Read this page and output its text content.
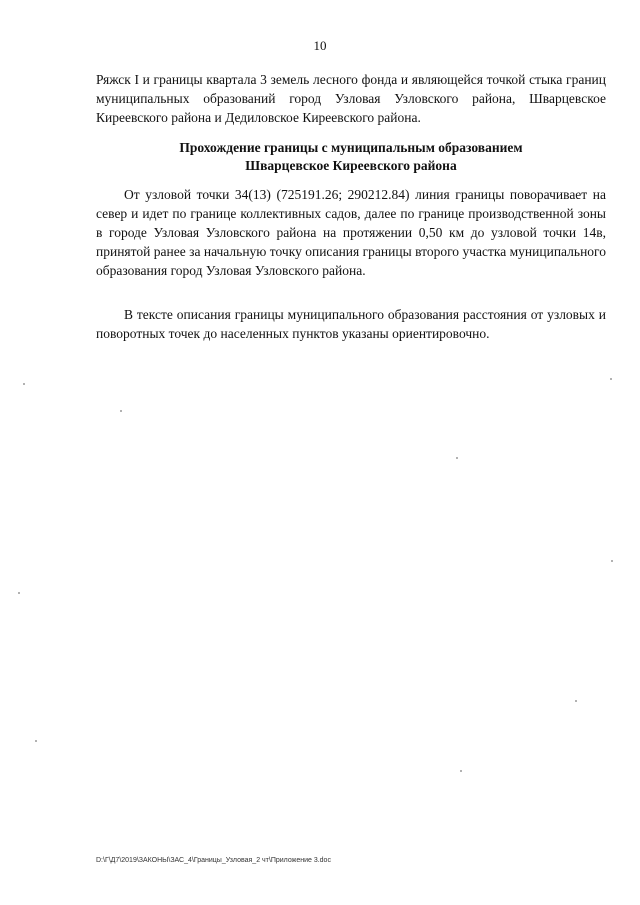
10

Ряжск I и границы квартала 3 земель лесного фонда и являющейся точкой стыка границ муниципальных образований город Узловая Узловского района, Шварцевское Киреевского района и Дедиловское Киреевского района.

Прохождение границы с муниципальным образованием
Шварцевское Киреевского района

От узловой точки 34(13) (725191.26; 290212.84) линия границы поворачивает на север и идет по границе коллективных садов, далее по границе производственной зоны в городе Узловая Узловского района на протяжении 0,50 км до узловой точки 14в, принятой ранее за начальную точку описания границы второго участка муниципального образования город Узловая Узловского района.

В тексте описания границы муниципального образования расстояния от узловых и поворотных точек до населенных пунктов указаны ориентировочно.

D:\Г\Д7\2019\ЗАКОНЫ\ЗАС_4\Границы_Узловая_2 чт\Приложение 3.doc
